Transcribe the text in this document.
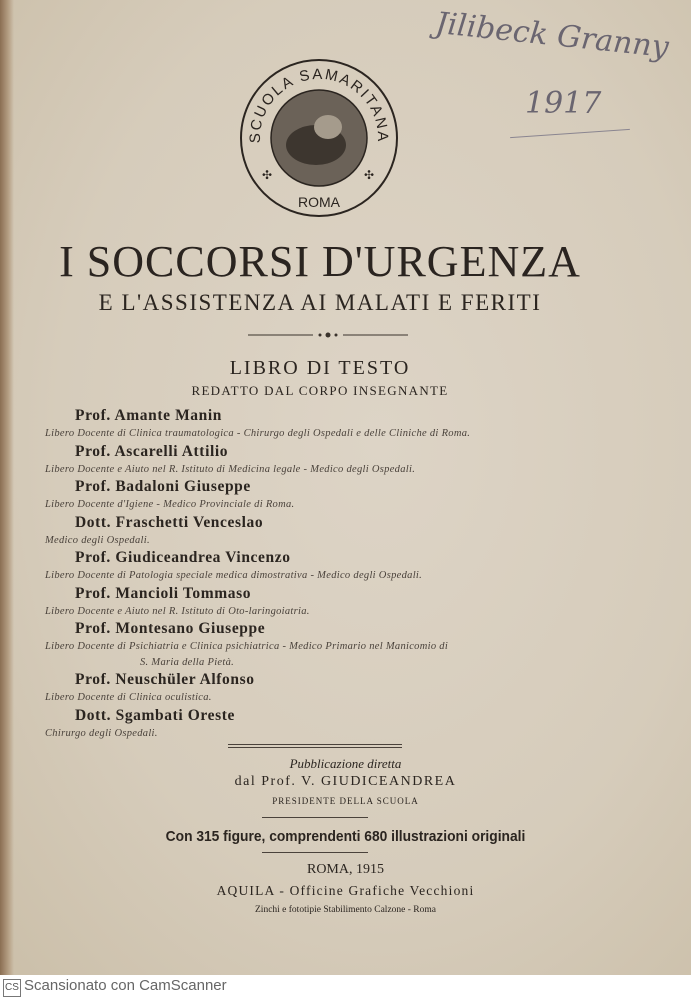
Jilibeck Granny
1917
SCUOLA SAMARITANA
ROMA
✣	✣
I SOCCORSI D'URGENZA
E L'ASSISTENZA AI MALATI E FERITI
LIBRO DI TESTO
REDATTO DAL CORPO INSEGNANTE
Prof. Amante Manin
Libero Docente di Clinica traumatologica - Chirurgo degli Ospedali e delle Cliniche di Roma.
Prof. Ascarelli Attilio
Libero Docente e Aiuto nel R. Istituto di Medicina legale - Medico degli Ospedali.
Prof. Badaloni Giuseppe
Libero Docente d'Igiene - Medico Provinciale di Roma.
Dott. Fraschetti Venceslao
Medico degli Ospedali.
Prof. Giudiceandrea Vincenzo
Libero Docente di Patologia speciale medica dimostrativa - Medico degli Ospedali.
Prof. Mancioli Tommaso
Libero Docente e Aiuto nel R. Istituto di Oto-laringoiatria.
Prof. Montesano Giuseppe
Libero Docente di Psichiatria e Clinica psichiatrica - Medico Primario nel Manicomio di
S. Maria della Pietà.
Prof. Neuschüler Alfonso
Libero Docente di Clinica oculistica.
Dott. Sgambati Oreste
Chirurgo degli Ospedali.
Pubblicazione diretta
dal Prof. V. GIUDICEANDREA
PRESIDENTE DELLA SCUOLA
Con 315 figure, comprendenti 680 illustrazioni originali
ROMA, 1915
AQUILA - Officine Grafiche Vecchioni
Zinchi e fototipie Stabilimento Calzone - Roma
CS Scansionato con CamScanner
